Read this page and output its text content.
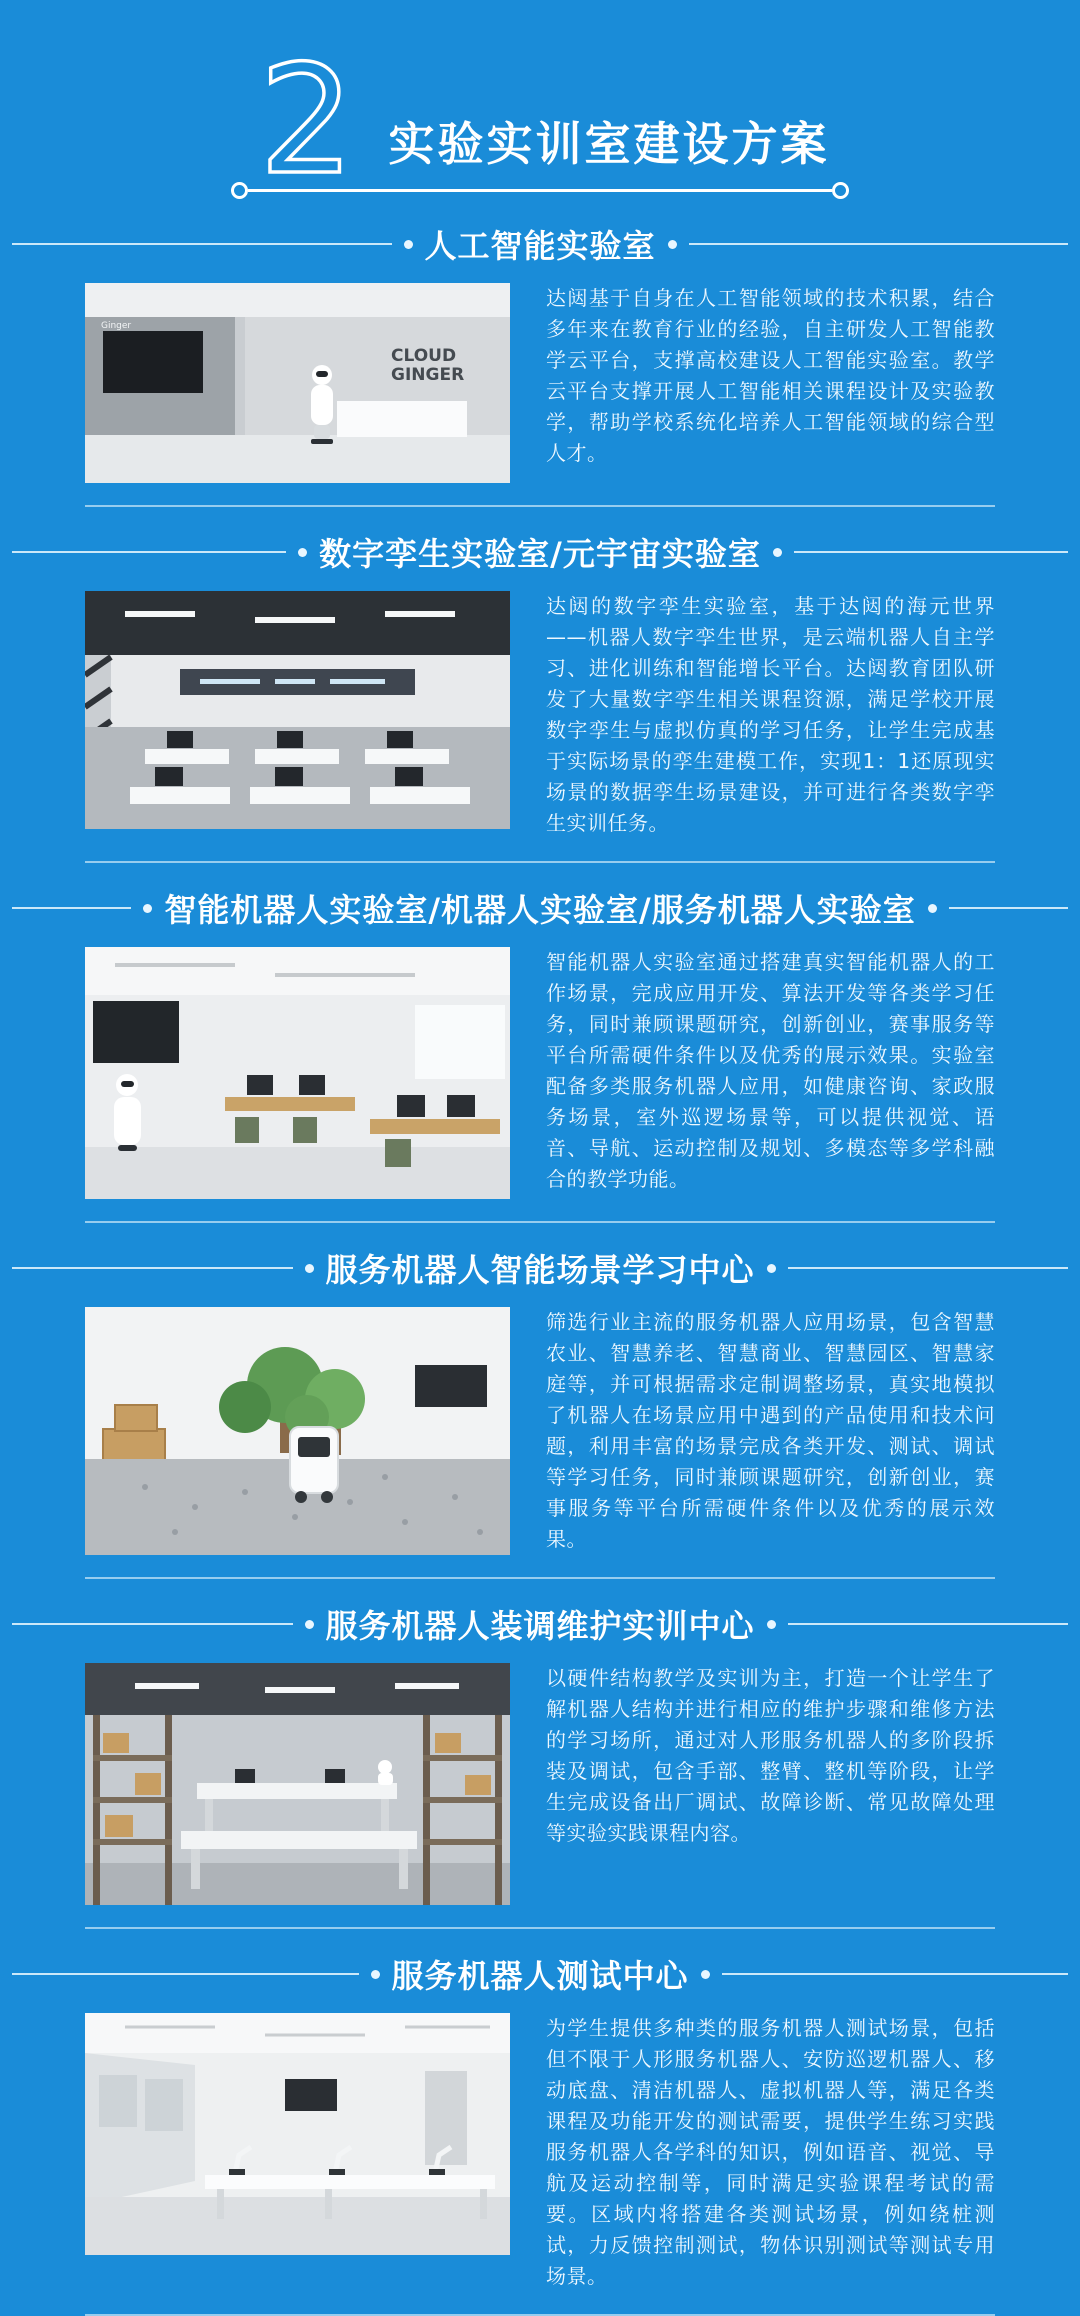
2 实验实训室建设方案
人工智能实验室
Ginger
CLOUD
GINGER
达闼基于自身在人工智能领域的技术积累，结合多年来在教育行业的经验，自主研发人工智能教学云平台，支撑高校建设人工智能实验室。教学云平台支撑开展人工智能相关课程设计及实验教学，帮助学校系统化培养人工智能领域的综合型人才。
数字孪生实验室/元宇宙实验室
达闼的数字孪生实验室，基于达闼的海元世界——机器人数字孪生世界，是云端机器人自主学习、进化训练和智能增长平台。达闼教育团队研发了大量数字孪生相关课程资源，满足学校开展数字孪生与虚拟仿真的学习任务，让学生完成基于实际场景的孪生建模工作，实现1：1还原现实场景的数据孪生场景建设，并可进行各类数字孪生实训任务。
智能机器人实验室/机器人实验室/服务机器人实验室
智能机器人实验室通过搭建真实智能机器人的工作场景，完成应用开发、算法开发等各类学习任务，同时兼顾课题研究，创新创业，赛事服务等平台所需硬件条件以及优秀的展示效果。实验室配备多类服务机器人应用，如健康咨询、家政服务场景，室外巡逻场景等，可以提供视觉、语音、导航、运动控制及规划、多模态等多学科融合的教学功能。
服务机器人智能场景学习中心
筛选行业主流的服务机器人应用场景，包含智慧农业、智慧养老、智慧商业、智慧园区、智慧家庭等，并可根据需求定制调整场景，真实地模拟了机器人在场景应用中遇到的产品使用和技术问题，利用丰富的场景完成各类开发、测试、调试等学习任务，同时兼顾课题研究，创新创业，赛事服务等平台所需硬件条件以及优秀的展示效果。
服务机器人装调维护实训中心
以硬件结构教学及实训为主，打造一个让学生了解机器人结构并进行相应的维护步骤和维修方法的学习场所，通过对人形服务机器人的多阶段拆装及调试，包含手部、整臂、整机等阶段，让学生完成设备出厂调试、故障诊断、常见故障处理等实验实践课程内容。
服务机器人测试中心
为学生提供多种类的服务机器人测试场景，包括但不限于人形服务机器人、安防巡逻机器人、移动底盘、清洁机器人、虚拟机器人等，满足各类课程及功能开发的测试需要，提供学生练习实践服务机器人各学科的知识，例如语音、视觉、导航及运动控制等，同时满足实验课程考试的需要。区域内将搭建各类测试场景，例如绕桩测试，力反馈控制测试，物体识别测试等测试专用场景。
